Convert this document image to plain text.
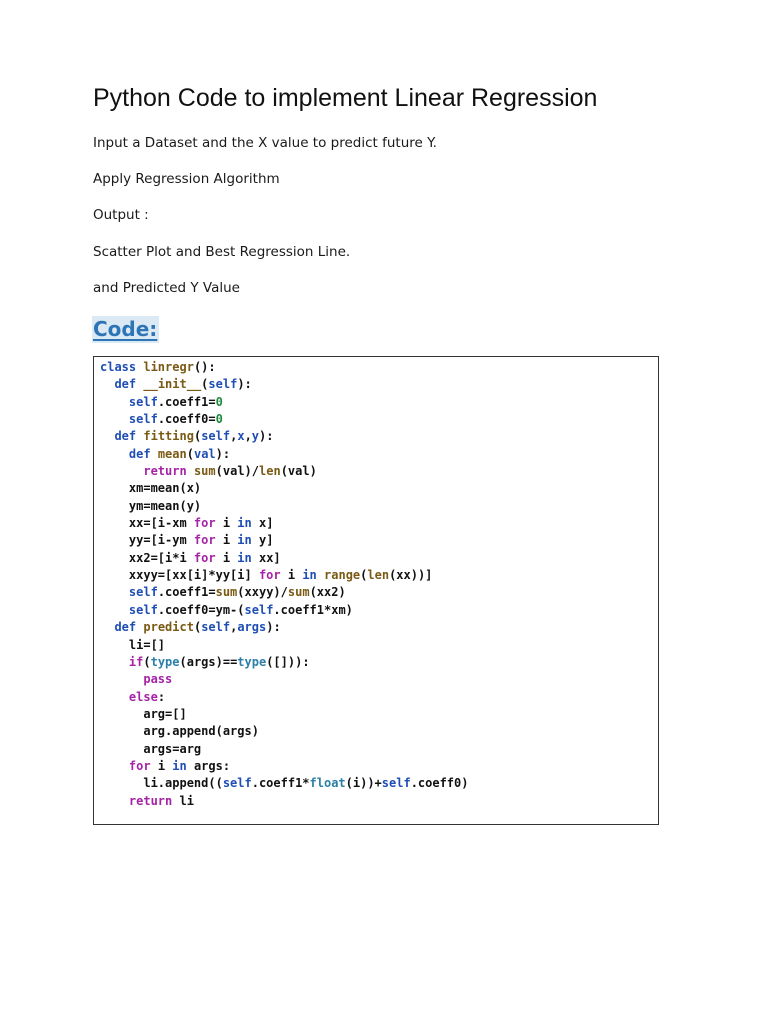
Python Code to implement Linear Regression

Input a Dataset and the X value to predict future Y.

Apply Regression Algorithm

Output :

Scatter Plot and Best Regression Line.

and Predicted Y Value

Code:
class linregr():
def __init__(self):
self.coeff1=0
self.coeff0=0
def fitting(self,x,y):
def mean(val):
return sum(val)/len(val)
xm=mean(x)
ym=mean(y)
xx=[i-xm for i in x]
yy=[i-ym for i in y]
xx2=[i*i for i in xx]
xxyy=[xx[i]*yy[i] for i in range(len(xx))]
self.coeff1=sum(xxyy)/sum(xx2)
self.coeff0=ym-(self.coeff1*xm)
def predict(self,args):
li=[]
if(type(args)==type([])):
pass
else:
arg=[]
arg.append(args)
args=arg
for i in args:
li.append((self.coeff1*float(i))+self.coeff0)
return li
